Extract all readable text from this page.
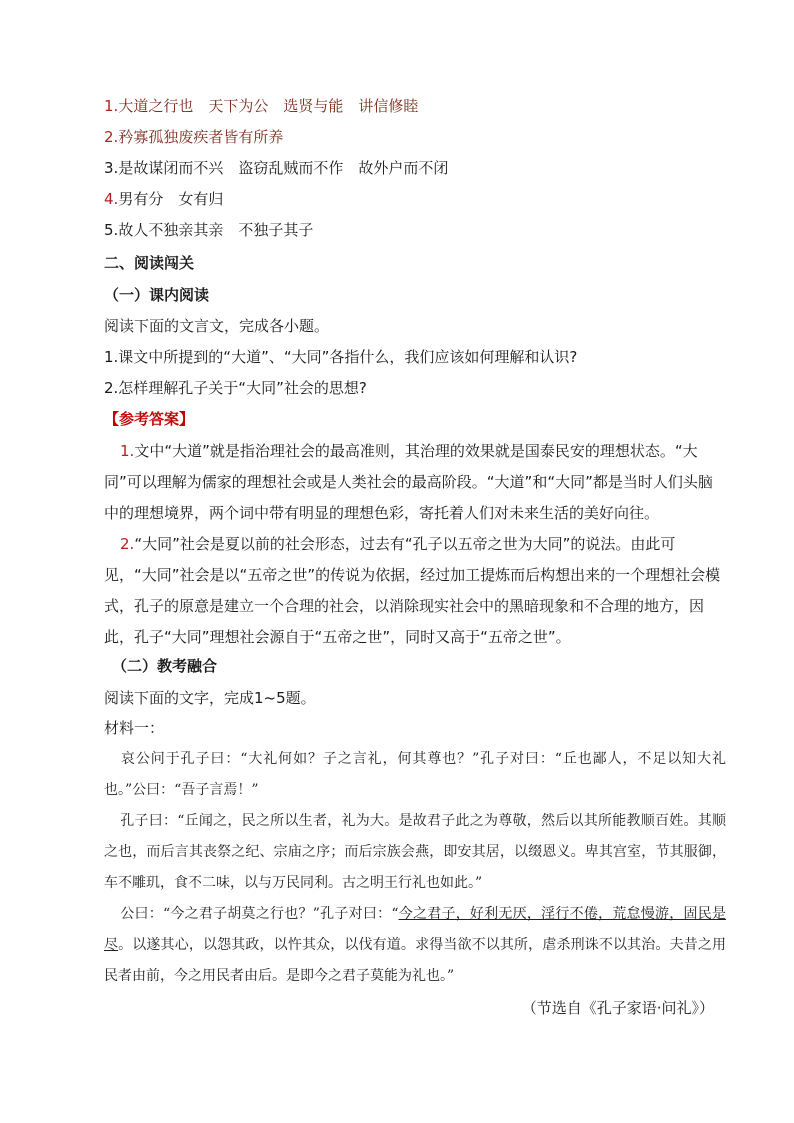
1.大道之行也　天下为公　选贤与能　讲信修睦
2.矜寡孤独废疾者皆有所养
3.是故谋闭而不兴　盗窃乱贼而不作　故外户而不闭
4.男有分　女有归
5.故人不独亲其亲　不独子其子
二、阅读闯关
（一）课内阅读
阅读下面的文言文，完成各小题。
1.课文中所提到的“大道”、“大同”各指什么，我们应该如何理解和认识?
2.怎样理解孔子关于“大同”社会的思想?
【参考答案】
1.文中“大道”就是指治理社会的最高准则，其治理的效果就是国泰民安的理想状态。“大同”可以理解为儒家的理想社会或是人类社会的最高阶段。“大道”和“大同”都是当时人们头脑中的理想境界，两个词中带有明显的理想色彩，寄托着人们对未来生活的美好向往。
2.“大同”社会是夏以前的社会形态，过去有“孔子以五帝之世为大同”的说法。由此可见，“大同”社会是以“五帝之世”的传说为依据，经过加工提炼而后构想出来的一个理想社会模式，孔子的原意是建立一个合理的社会，以消除现实社会中的黑暗现象和不合理的地方，因此，孔子“大同”理想社会源自于“五帝之世”，同时又高于“五帝之世”。
（二）教考融合
阅读下面的文字，完成1~5题。
材料一：
哀公问于孔子曰：“大礼何如？子之言礼，何其尊也？”孔子对曰：“丘也鄙人，不足以知大礼也。”公曰：“吾子言焉！”
孔子曰：“丘闻之，民之所以生者，礼为大。是故君子此之为尊敬，然后以其所能教顺百姓。其顺之也，而后言其丧祭之纪、宗庙之序；而后宗族会燕，即安其居，以缀恩义。卑其宫室，节其服御，车不雕玑，食不二味，以与万民同利。古之明王行礼也如此。”
公曰：“今之君子胡莫之行也？”孔子对曰：“今之君子，好利无厌，淫行不倦，荒怠慢游，固民是尽。以遂其心，以怨其政，以忤其众，以伐有道。求得当欲不以其所，虐杀刑诛不以其治。夫昔之用民者由前，今之用民者由后。是即今之君子莫能为礼也。”
（节选自《孔子家语·问礼》）
